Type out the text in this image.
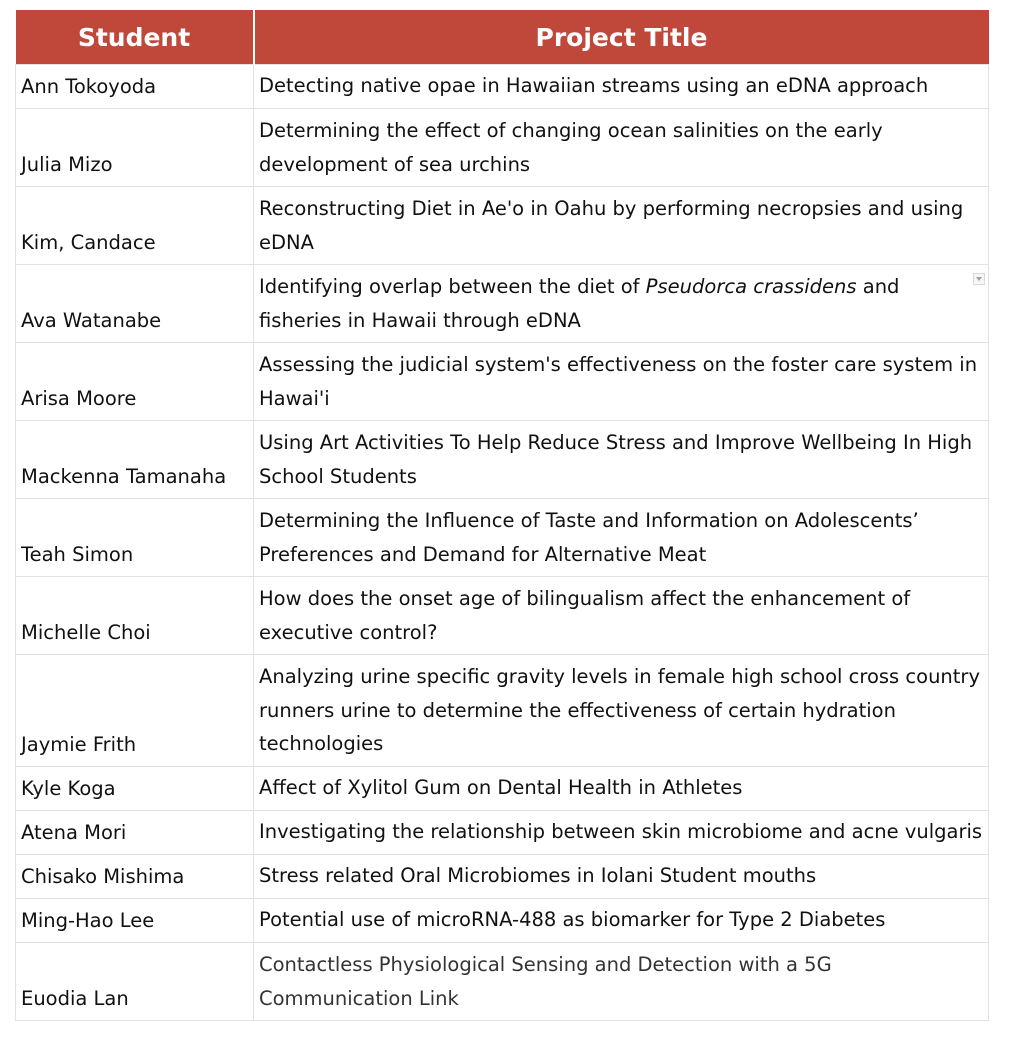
Student	Project Title
Ann Tokoyoda	Detecting native opae in Hawaiian streams using an eDNA approach
Julia Mizo	Determining the effect of changing ocean salinities on the early development of sea urchins
Kim, Candace	Reconstructing Diet in Ae'o in Oahu by performing necropsies and using eDNA
Ava Watanabe	Identifying overlap between the diet of Pseudorca crassidens and fisheries in Hawaii through eDNA

Arisa Moore	Assessing the judicial system's effectiveness on the foster care system in Hawai'i
Mackenna Tamanaha	Using Art Activities To Help Reduce Stress and Improve Wellbeing In High School Students
Teah Simon	Determining the Influence of Taste and Information on Adolescents’ Preferences and Demand for Alternative Meat
Michelle Choi	How does the onset age of bilingualism affect the enhancement of executive control?
Jaymie Frith	Analyzing urine specific gravity levels in female high school cross country runners urine to determine the effectiveness of certain hydration technologies
Kyle Koga	Affect of Xylitol Gum on Dental Health in Athletes
Atena Mori	Investigating the relationship between skin microbiome and acne vulgaris
Chisako Mishima	Stress related Oral Microbiomes in Iolani Student mouths
Ming-Hao Lee	Potential use of microRNA-488 as biomarker for Type 2 Diabetes
Euodia Lan	Contactless Physiological Sensing and Detection with a 5G Communication Link
